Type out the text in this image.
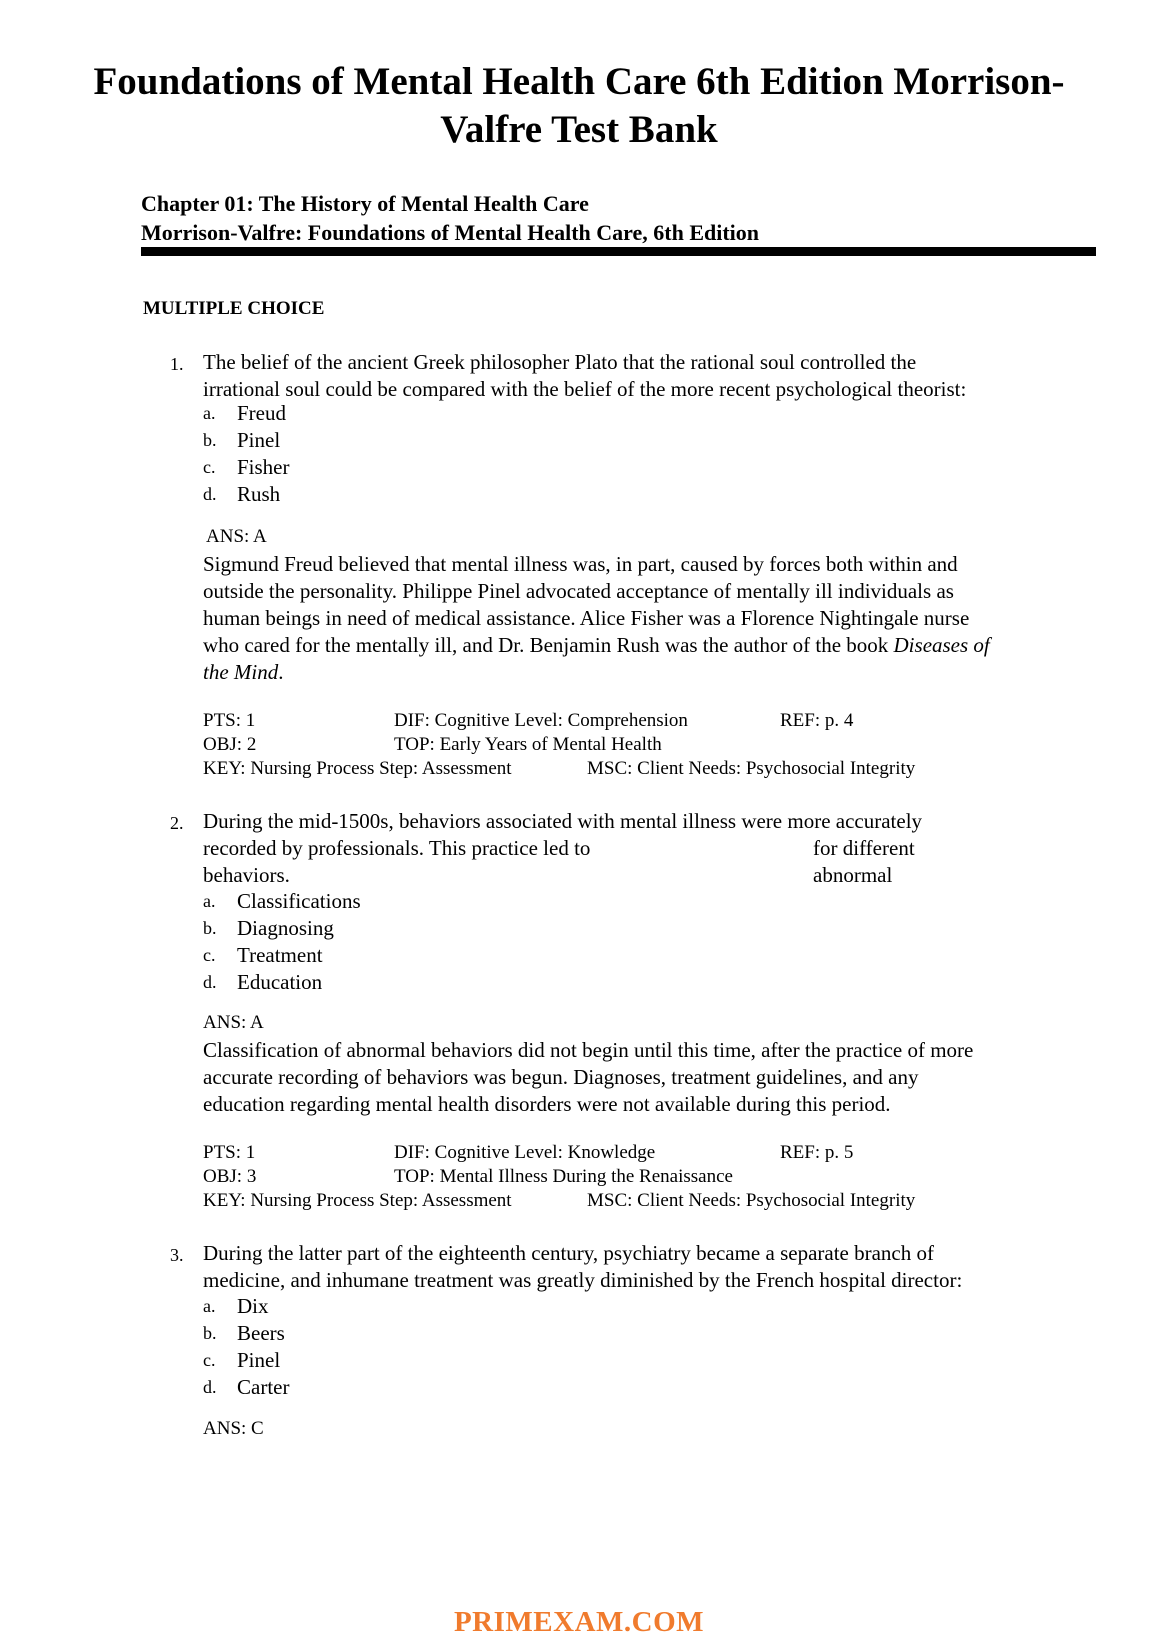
Foundations of Mental Health Care 6th Edition Morrison-
Valfre Test Bank
Chapter 01: The History of Mental Health Care
Morrison-Valfre: Foundations of Mental Health Care, 6th Edition
MULTIPLE CHOICE
1. The belief of the ancient Greek philosopher Plato that the rational soul controlled the
irrational soul could be compared with the belief of the more recent psychological theorist:
a. Freud
b. Pinel
c. Fisher
d. Rush
ANS: A
Sigmund Freud believed that mental illness was, in part, caused by forces both within and
outside the personality. Philippe Pinel advocated acceptance of mentally ill individuals as
human beings in need of medical assistance. Alice Fisher was a Florence Nightingale nurse
who cared for the mentally ill, and Dr. Benjamin Rush was the author of the book Diseases of
the Mind.
PTS: 1	DIF: Cognitive Level: Comprehension	REF: p. 4
OBJ: 2	TOP: Early Years of Mental Health
KEY: Nursing Process Step: Assessment	MSC: Client Needs: Psychosocial Integrity
2. During the mid-1500s, behaviors associated with mental illness were more accurately
recorded by professionals. This practice led to	for different abnormal
behaviors.
a. Classifications
b. Diagnosing
c. Treatment
d. Education
ANS: A
Classification of abnormal behaviors did not begin until this time, after the practice of more
accurate recording of behaviors was begun. Diagnoses, treatment guidelines, and any
education regarding mental health disorders were not available during this period.
PTS: 1	DIF: Cognitive Level: Knowledge	REF: p. 5
OBJ: 3	TOP: Mental Illness During the Renaissance
KEY: Nursing Process Step: Assessment	MSC: Client Needs: Psychosocial Integrity
3. During the latter part of the eighteenth century, psychiatry became a separate branch of
medicine, and inhumane treatment was greatly diminished by the French hospital director:
a. Dix
b. Beers
c. Pinel
d. Carter
ANS: C
PRIMEXAM.COM
